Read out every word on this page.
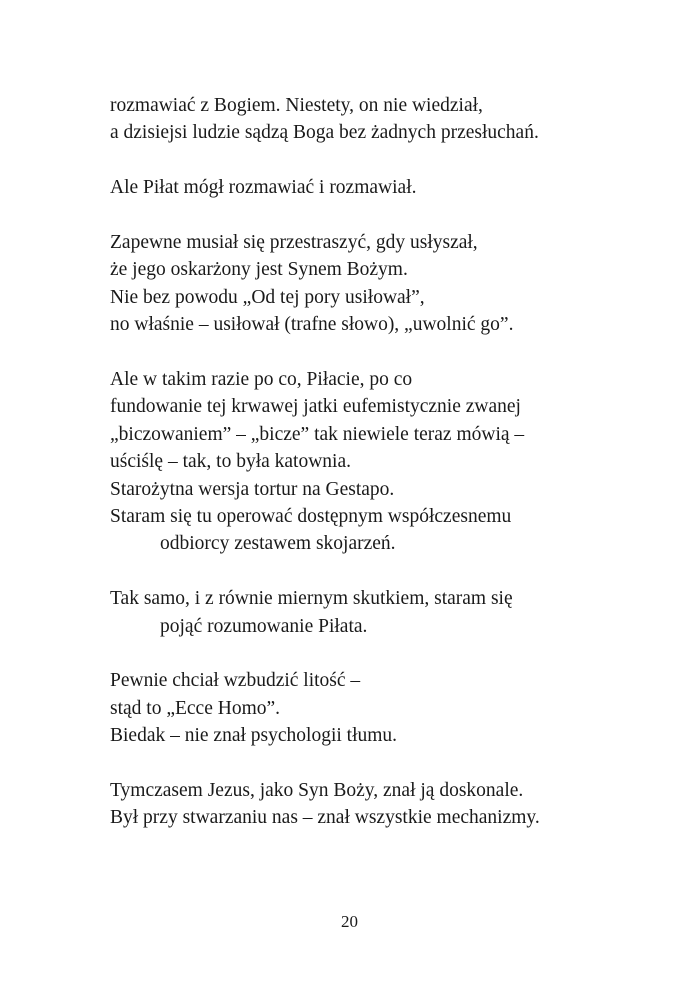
rozmawiać z Bogiem. Niestety, on nie wiedział,
a dzisiejsi ludzie sądzą Boga bez żadnych przesłuchań.
Ale Piłat mógł rozmawiać i rozmawiał.
Zapewne musiał się przestraszyć, gdy usłyszał,
że jego oskarżony jest Synem Bożym.
Nie bez powodu „Od tej pory usiłował”,
no właśnie – usiłował (trafne słowo), „uwolnić go”.
Ale w takim razie po co, Piłacie, po co
fundowanie tej krwawej jatki eufemistycznie zwanej
„biczowaniem” – „bicze” tak niewiele teraz mówią –
uściślę – tak, to była katownia.
Starożytna wersja tortur na Gestapo.
Staram się tu operować dostępnym współczesnemu
odbiorcy zestawem skojarzeń.
Tak samo, i z równie miernym skutkiem, staram się
pojąć rozumowanie Piłata.
Pewnie chciał wzbudzić litość –
stąd to „Ecce Homo”.
Biedak – nie znał psychologii tłumu.
Tymczasem Jezus, jako Syn Boży, znał ją doskonale.
Był przy stwarzaniu nas – znał wszystkie mechanizmy.
20
